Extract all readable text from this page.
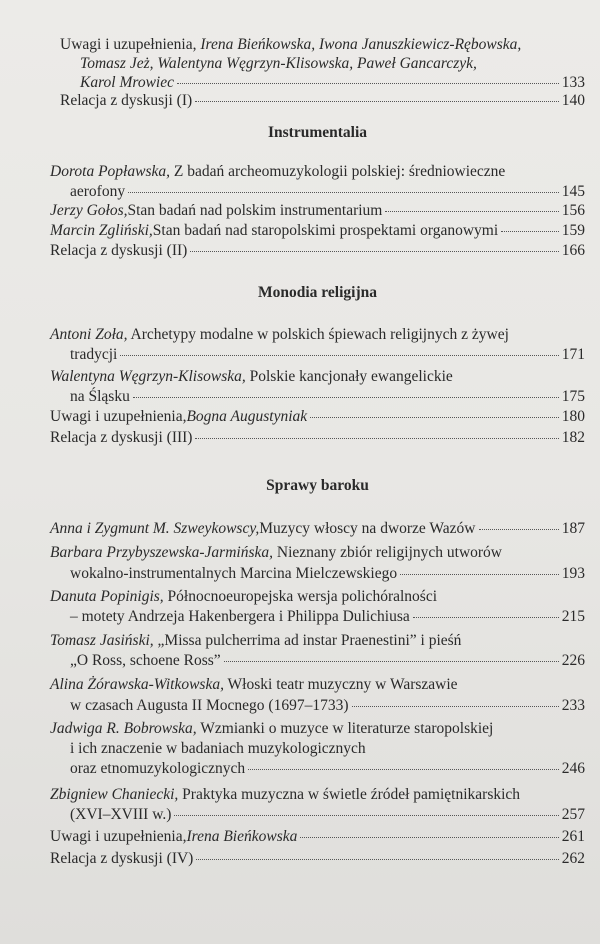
Uwagi i uzupełnienia, Irena Bieńkowska, Iwona Januszkiewicz-Rębowska,
Tomasz Jeż, Walentyna Węgrzyn-Klisowska, Paweł Gancarczyk,
Karol Mrowiec	133
Relacja z dyskusji (I)	140
Instrumentalia
Dorota Popławska, Z badań archeomuzykologii polskiej: średniowieczne
aerofony	145
Jerzy Gołos, Stan badań nad polskim instrumentarium	156
Marcin Zgliński, Stan badań nad staropolskimi prospektami organowymi	159
Relacja z dyskusji (II)	166
Monodia religijna
Antoni Zoła, Archetypy modalne w polskich śpiewach religijnych z żywej
tradycji	171
Walentyna Węgrzyn-Klisowska, Polskie kancjonały ewangelickie
na Śląsku	175
Uwagi i uzupełnienia, Bogna Augustyniak	180
Relacja z dyskusji (III)	182
Sprawy baroku
Anna i Zygmunt M. Szweykowscy, Muzycy włoscy na dworze Wazów	187
Barbara Przybyszewska-Jarmińska, Nieznany zbiór religijnych utworów
wokalno-instrumentalnych Marcina Mielczewskiego	193
Danuta Popinigis, Północnoeuropejska wersja polichóralności
– motety Andrzeja Hakenbergera i Philippa Dulichiusa	215
Tomasz Jasiński, „Missa pulcherrima ad instar Praenestini” i pieśń
„O Ross, schoene Ross”	226
Alina Żórawska-Witkowska, Włoski teatr muzyczny w Warszawie
w czasach Augusta II Mocnego (1697–1733)	233
Jadwiga R. Bobrowska, Wzmianki o muzyce w literaturze staropolskiej
i ich znaczenie w badaniach muzykologicznych
oraz etnomuzykologicznych	246
Zbigniew Chaniecki, Praktyka muzyczna w świetle źródeł pamiętnikarskich
(XVI–XVIII w.)	257
Uwagi i uzupełnienia, Irena Bieńkowska	261
Relacja z dyskusji (IV)	262
